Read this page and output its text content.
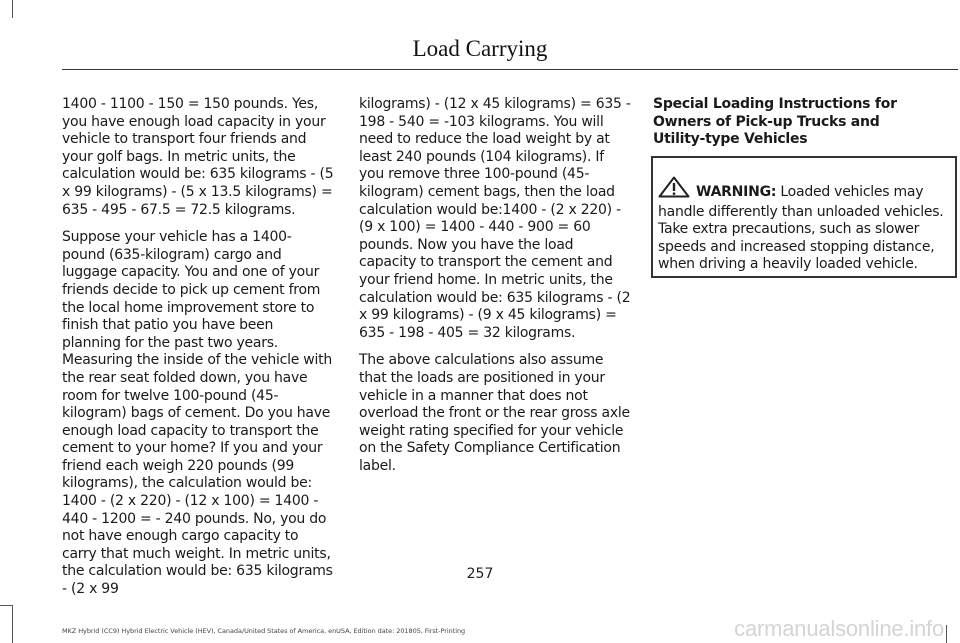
Load Carrying

1400 - 1100 - 150 = 150 pounds. Yes, you have enough load capacity in your vehicle to transport four friends and your golf bags. In metric units, the calculation would be: 635 kilograms - (5 x 99 kilograms) - (5 x 13.5 kilograms) = 635 - 495 - 67.5 = 72.5 kilograms.

Suppose your vehicle has a 1400-pound (635-kilogram) cargo and luggage capacity. You and one of your friends decide to pick up cement from the local home improvement store to finish that patio you have been planning for the past two years. Measuring the inside of the vehicle with the rear seat folded down, you have room for twelve 100-pound (45-kilogram) bags of cement. Do you have enough load capacity to transport the cement to your home? If you and your friend each weigh 220 pounds (99 kilograms), the calculation would be: 1400 - (2 x 220) - (12 x 100) = 1400 - 440 - 1200 = - 240 pounds. No, you do not have enough cargo capacity to carry that much weight. In metric units, the calculation would be: 635 kilograms - (2 x 99

kilograms) - (12 x 45 kilograms) = 635 - 198 - 540 = -103 kilograms. You will need to reduce the load weight by at least 240 pounds (104 kilograms). If you remove three 100-pound (45-kilogram) cement bags, then the load calculation would be:1400 - (2 x 220) - (9 x 100) = 1400 - 440 - 900 = 60 pounds. Now you have the load capacity to transport the cement and your friend home. In metric units, the calculation would be: 635 kilograms - (2 x 99 kilograms) - (9 x 45 kilograms) = 635 - 198 - 405 = 32 kilograms.

The above calculations also assume that the loads are positioned in your vehicle in a manner that does not overload the front or the rear gross axle weight rating specified for your vehicle on the Safety Compliance Certification label.

Special Loading Instructions for Owners of Pick-up Trucks and Utility-type Vehicles
WARNING: Loaded vehicles may handle differently than unloaded vehicles. Take extra precautions, such as slower speeds and increased stopping distance, when driving a heavily loaded vehicle.
257
MKZ Hybrid (CC9) Hybrid Electric Vehicle (HEV), Canada/United States of America, enUSA, Edition date: 201805, First-Printing	carmanualsonline.info
